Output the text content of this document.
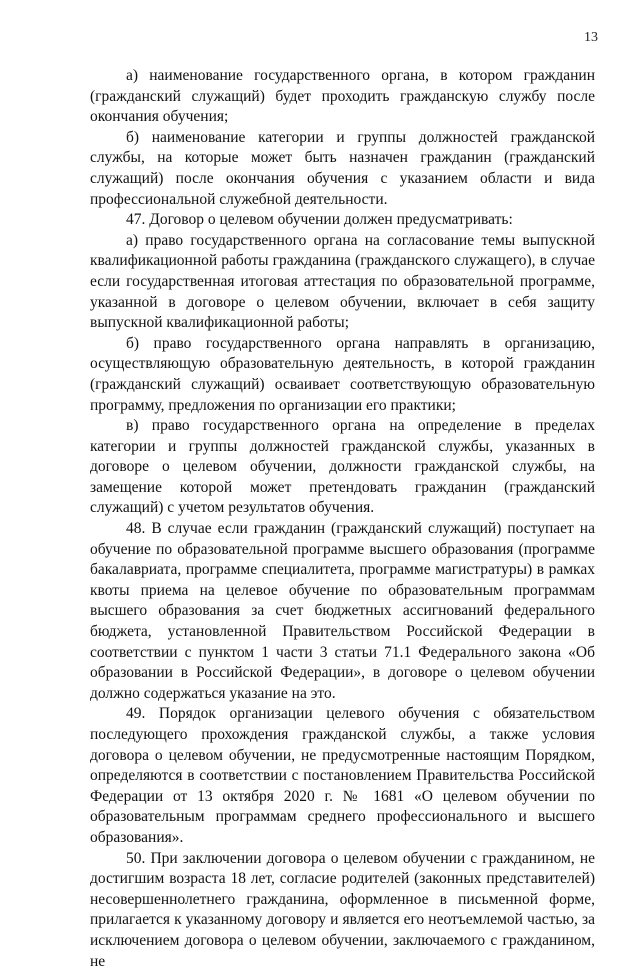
13

а) наименование государственного органа, в котором гражданин (гражданский служащий) будет проходить гражданскую службу после окончания обучения;

б) наименование категории и группы должностей гражданской службы, на которые может быть назначен гражданин (гражданский служащий) после окончания обучения с указанием области и вида профессиональной служебной деятельности.

47. Договор о целевом обучении должен предусматривать:

а) право государственного органа на согласование темы выпускной квалификационной работы гражданина (гражданского служащего), в случае если государственная итоговая аттестация по образовательной программе, указанной в договоре о целевом обучении, включает в себя защиту выпускной квалификационной работы;

б) право государственного органа направлять в организацию, осуществляющую образовательную деятельность, в которой гражданин (гражданский служащий) осваивает соответствующую образовательную программу, предложения по организации его практики;

в) право государственного органа на определение в пределах категории и группы должностей гражданской службы, указанных в договоре о целевом обучении, должности гражданской службы, на замещение которой может претендовать гражданин (гражданский служащий) с учетом результатов обучения.

48. В случае если гражданин (гражданский служащий) поступает на обучение по образовательной программе высшего образования (программе бакалавриата, программе специалитета, программе магистратуры) в рамках квоты приема на целевое обучение по образовательным программам высшего образования за счет бюджетных ассигнований федерального бюджета, установленной Правительством Российской Федерации в соответствии с пунктом 1 части 3 статьи 71.1 Федерального закона «Об образовании в Российской Федерации», в договоре о целевом обучении должно содержаться указание на это.

49. Порядок организации целевого обучения с обязательством последующего прохождения гражданской службы, а также условия договора о целевом обучении, не предусмотренные настоящим Порядком, определяются в соответствии с постановлением Правительства Российской Федерации от 13 октября 2020 г. № 1681 «О целевом обучении по образовательным программам среднего профессионального и высшего образования».

50. При заключении договора о целевом обучении с гражданином, не достигшим возраста 18 лет, согласие родителей (законных представителей) несовершеннолетнего гражданина, оформленное в письменной форме, прилагается к указанному договору и является его неотъемлемой частью, за исключением договора о целевом обучении, заключаемого с гражданином, не
